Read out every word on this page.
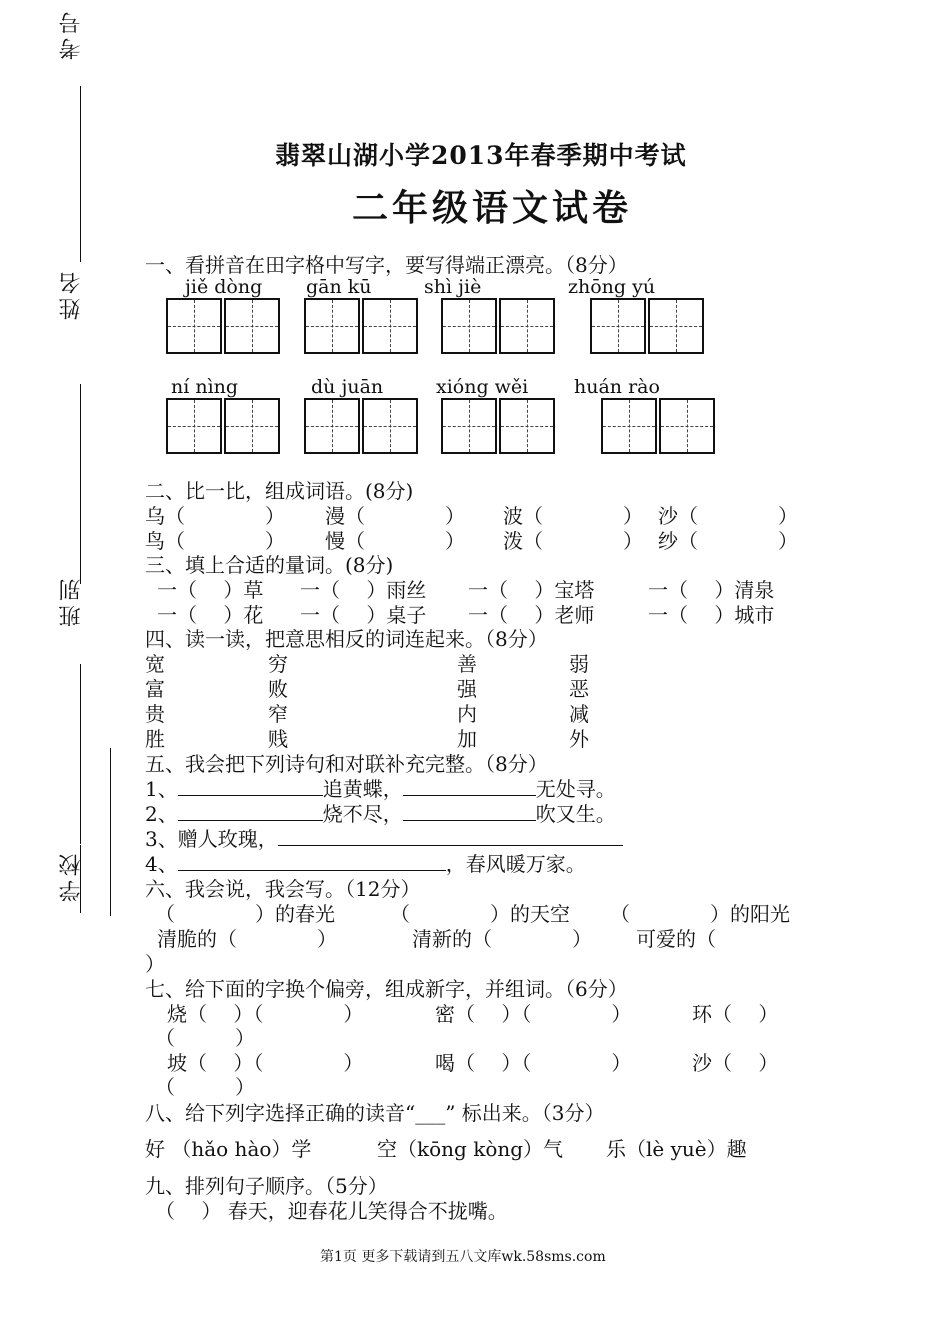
考号
姓名
班别
学校
翡翠山湖小学2013年春季期中考试
二年级语文试卷
一、看拼音在田字格中写字，要写得端正漂亮。（8分）
jiě dòng gān kū	shì jiè	zhōng yú
ní nìng	dù juān	xióng wěi huán rào
二、比一比，组成词语。(8分)
乌（　　　　） 漫（　　　　） 波（　　　　） 沙（　　　　）
鸟（　　　　） 慢（　　　　） 泼（　　　　） 纱（　　　　）
三、填上合适的量词。(8分)
一（　 ）草 一（　 ）雨丝 一（　 ）宝塔	一（　 ）清泉
一（　 ）花 一（　 ）桌子 一（　 ）老师	一（　 ）城市
四、读一读，把意思相反的词连起来。（8分）
宽	穷	善	弱
富	败	强	恶
贵	窄	内	减
胜	贱	加	外
五、我会把下列诗句和对联补充完整。（8分）
1、	追黄蝶，	无处寻。
2、	烧不尽，	吹又生。
3、赠人玫瑰，
4、	，春风暖万家。
六、我会说，我会写。（12分）
（　　　　）的春光	（　　　　）的天空 （　　　　）的阳光
清脆的（　　　　）	清新的（　　　　） 可爱的（
）
七、给下面的字换个偏旁，组成新字，并组词。（6分）
烧（　 ）（　　　　）	密（　 ）（　　　　）	环（　 ）
（　　　）
坡（　 ）（　　　　）	喝（　 ）（　　　　）	沙（　 ）
（　　　）
八、给下列字选择正确的读音“___” 标出来。（3分）
好 （hǎo hào）学	空（kōng kòng）气 乐（lè yuè）趣
九、排列句子顺序。（5分）
（　 ） 春天，迎春花儿笑得合不拢嘴。
第1页 更多下载请到五八文库wk.58sms.com
